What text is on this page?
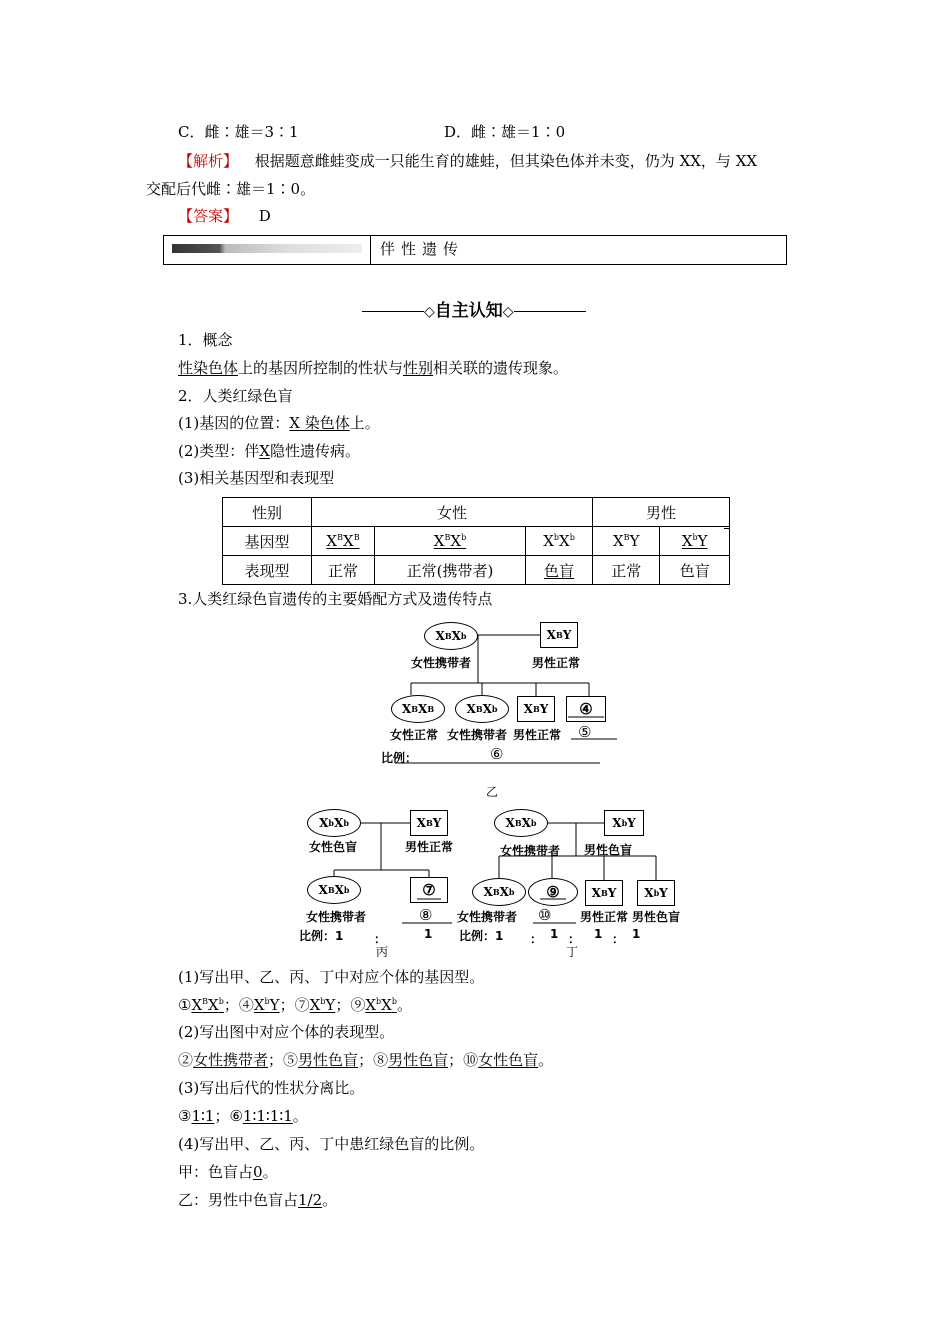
C．雌∶雄＝3∶1	D．雌∶雄＝1∶0
【解析】 根据题意雌蛙变成一只能生育的雄蛙，但其染色体并未变，仍为 XX，与 XX
交配后代雌∶雄＝1∶0。
【答案】 D
伴性遗传
◇自主认知◇
1．概念
性染色体上的基因所控制的性状与性别相关联的遗传现象。
2．人类红绿色盲
(1)基因的位置：X 染色体上。
(2)类型：伴X隐性遗传病。
(3)相关基因型和表现型
性别	女性			男性	
基因型	$X^BX^B$	$X^BX^b$	$X^bX^b$	$X^BY$	$X^bY$
表现型	正常	正常(携带者)	色盲	正常	色盲
3.人类红绿色盲遗传的主要婚配方式及遗传特点
X B X b	X B Y
女性携带者	男性正常
X B X B	X B X b	X B Y	④
女性正常 女性携带者 男性正常 ⑤
比例：	⑥
乙
X b X b	X B Y
女性色盲	男性正常
X B X b	⑦
女性携带者	⑧
比例：1	：	1
丙
X B X b	X b Y
女性携带者 男性色盲
X B X b	⑨	X B Y	X b Y
女性携带者 ⑩ 男性正常 男性色盲
比例：1 ： 1 ： 1 ： 1
丁
(1)写出甲、乙、丙、丁中对应个体的基因型。
$①X^BX^b$；$④X^bY$；$⑦X^bY$；$⑨X^bX^b$。
(2)写出图中对应个体的表现型。
②女性携带者；⑤男性色盲；⑧男性色盲；⑩女性色盲。
(3)写出后代的性状分离比。
③1∶1；⑥1∶1∶1∶1。
(4)写出甲、乙、丙、丁中患红绿色盲的比例。
甲：色盲占0。
乙：男性中色盲占1/2。
